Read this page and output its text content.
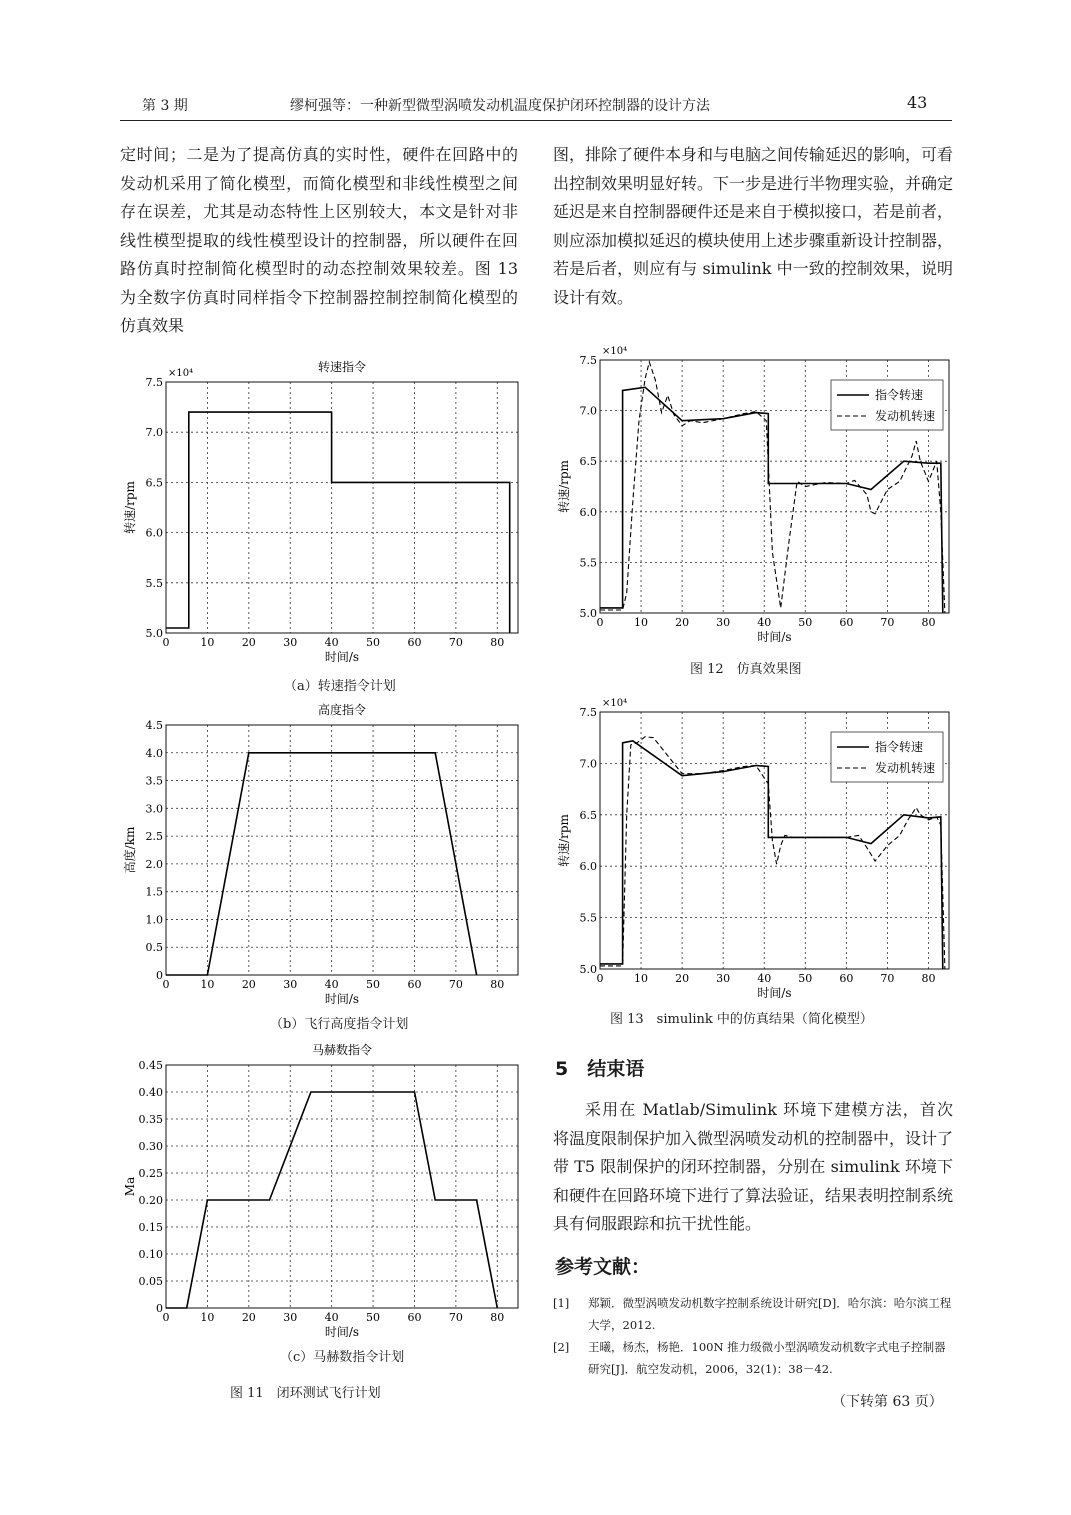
第 3 期	缪柯强等：一种新型微型涡喷发动机温度保护闭环控制器的设计方法	43

定时间；二是为了提高仿真的实时性，硬件在回路中的发动机采用了简化模型，而简化模型和非线性模型之间存在误差，尤其是动态特性上区别较大，本文是针对非线性模型提取的线性模型设计的控制器，所以硬件在回路仿真时控制简化模型时的动态控制效果较差。图 13 为全数字仿真时同样指令下控制器控制控制简化模型的仿真效果

图，排除了硬件本身和与电脑之间传输延迟的影响，可看出控制效果明显好转。下一步是进行半物理实验，并确定延迟是来自控制器硬件还是来自于模拟接口，若是前者，则应添加模拟延迟的模块使用上述步骤重新设计控制器，若是后者，则应有与 simulink 中一致的控制效果，说明设计有效。

0	10 20 30 40 50 60 70 80
5.0
5.5
6.0
6.5
7.0
7.5
转速指令
时间/s
转速/rpm
×10⁴
（a）转速指令计划
0	10 20 30 40 50 60 70 80
0
0.5
1.0
1.5
2.0
2.5
3.0
3.5
4.0
4.5
高度指令
时间/s
高度/km
（b）飞行高度指令计划
0	10 20 30 40 50 60 70 80
0
0.05
0.10
0.15
0.20
0.25
0.30
0.35
0.40
0.45
马赫数指令
时间/s
Ma
（c）马赫数指令计划
图 11　闭环测试飞行计划
0	10 20 30 40 50 60 70 80
5.0
5.5
6.0
6.5
7.0
7.5
时间/s
转速/rpm
×10⁴
指令转速
发动机转速
图 12　仿真效果图
0	10 20 30 40 50 60 70 80
5.0
5.5
6.0
6.5
7.0
7.5
时间/s
转速/rpm
×10⁴
指令转速
发动机转速
图 13　simulink 中的仿真结果（简化模型）
5　结束语

采用在 Matlab/Simulink 环境下建模方法，首次将温度限制保护加入微型涡喷发动机的控制器中，设计了带 T5 限制保护的闭环控制器，分别在 simulink 环境下和硬件在回路环境下进行了算法验证，结果表明控制系统具有伺服跟踪和抗干扰性能。

参考文献：
[1] 郑颖．微型涡喷发动机数字控制系统设计研究[D]．哈尔滨：哈尔滨工程大学，2012.
[2] 王曦，杨杰，杨艳．100N 推力级微小型涡喷发动机数字式电子控制器研究[J]．航空发动机，2006，32(1)：38－42.
（下转第 63 页）
